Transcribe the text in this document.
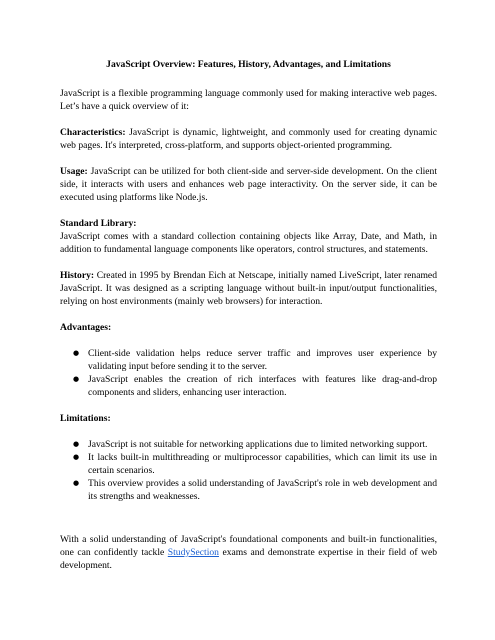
JavaScript Overview: Features, History, Advantages, and Limitations

JavaScript is a flexible programming language commonly used for making interactive web pages. Let’s have a quick overview of it:

Characteristics: JavaScript is dynamic, lightweight, and commonly used for creating dynamic web pages. It's interpreted, cross-platform, and supports object-oriented programming.

Usage: JavaScript can be utilized for both client-side and server-side development. On the client side, it interacts with users and enhances web page interactivity. On the server side, it can be executed using platforms like Node.js.

Standard Library:

JavaScript comes with a standard collection containing objects like Array, Date, and Math, in addition to fundamental language components like operators, control structures, and statements.

History: Created in 1995 by Brendan Eich at Netscape, initially named LiveScript, later renamed JavaScript. It was designed as a scripting language without built-in input/output functionalities, relying on host environments (mainly web browsers) for interaction.

Advantages:
● Client-side validation helps reduce server traffic and improves user experience by validating input before sending it to the server.
● JavaScript enables the creation of rich interfaces with features like drag-and-drop components and sliders, enhancing user interaction.
Limitations:
● JavaScript is not suitable for networking applications due to limited networking support.
● It lacks built-in multithreading or multiprocessor capabilities, which can limit its use in certain scenarios.
● This overview provides a solid understanding of JavaScript's role in web development and its strengths and weaknesses.

With a solid understanding of JavaScript's foundational components and built-in functionalities, one can confidently tackle StudySection exams and demonstrate expertise in their field of web development.
